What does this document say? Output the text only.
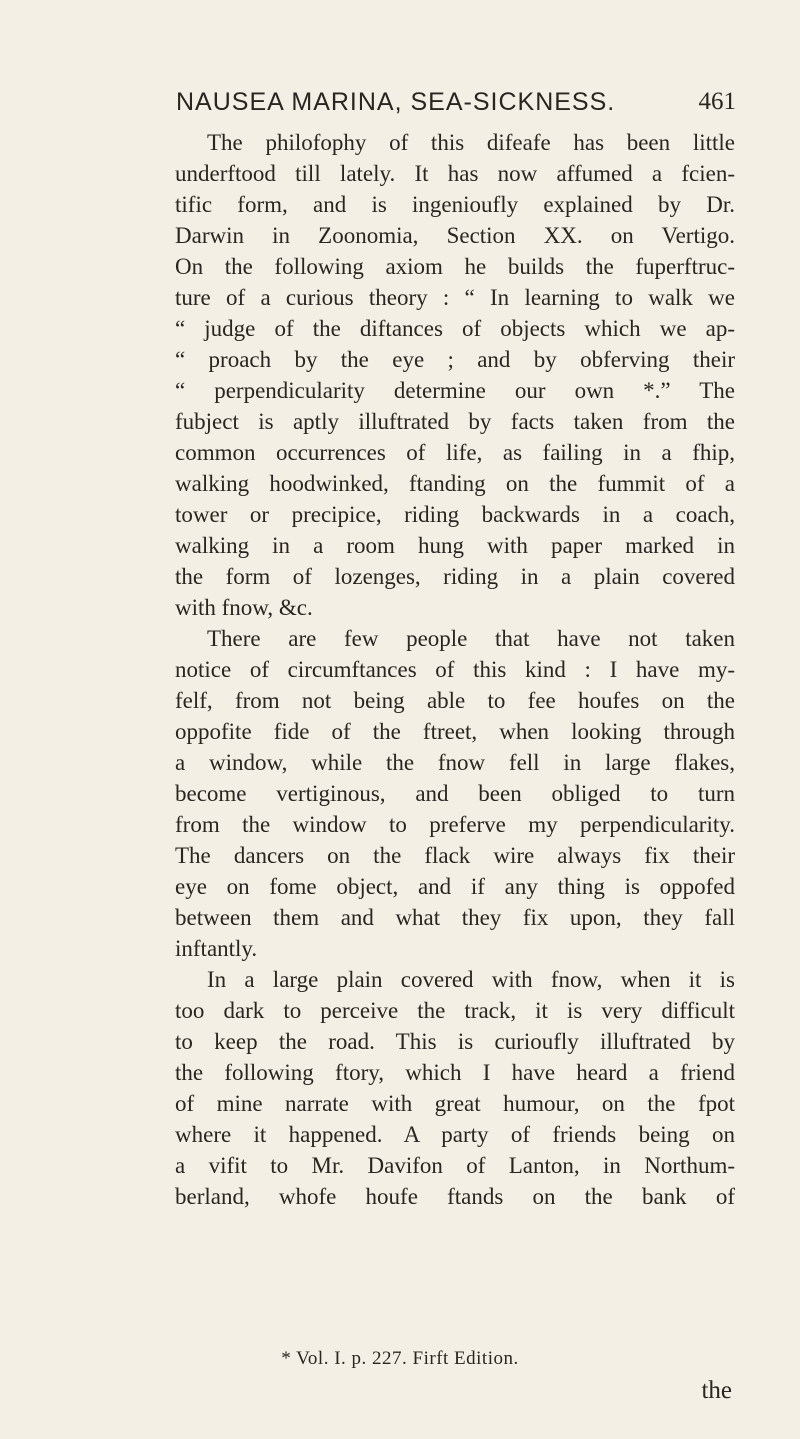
NAUSEA MARINA, SEA-SICKNESS.	461
The philofophy of this difeafe has been little
underftood till lately. It has now affumed a fcien-
tific form, and is ingenioufly explained by Dr.
Darwin in Zoonomia, Section XX. on Vertigo.
On the following axiom he builds the fuperftruc-
ture of a curious theory : “ In learning to walk we
“ judge of the diftances of objects which we ap-
“ proach by the eye ; and by obferving their
“ perpendicularity determine our own *.” The
fubject is aptly illuftrated by facts taken from the
common occurrences of life, as failing in a fhip,
walking hoodwinked, ftanding on the fummit of a
tower or precipice, riding backwards in a coach,
walking in a room hung with paper marked in
the form of lozenges, riding in a plain covered
with fnow, &c.
There are few people that have not taken
notice of circumftances of this kind : I have my-
felf, from not being able to fee houfes on the
oppofite fide of the ftreet, when looking through
a window, while the fnow fell in large flakes,
become vertiginous, and been obliged to turn
from the window to preferve my perpendicularity.
The dancers on the flack wire always fix their
eye on fome object, and if any thing is oppofed
between them and what they fix upon, they fall
inftantly.
In a large plain covered with fnow, when it is
too dark to perceive the track, it is very difficult
to keep the road. This is curioufly illuftrated by
the following ftory, which I have heard a friend
of mine narrate with great humour, on the fpot
where it happened. A party of friends being on
a vifit to Mr. Davifon of Lanton, in Northum-
berland, whofe houfe ftands on the bank of
* Vol. I. p. 227. Firft Edition.
the
